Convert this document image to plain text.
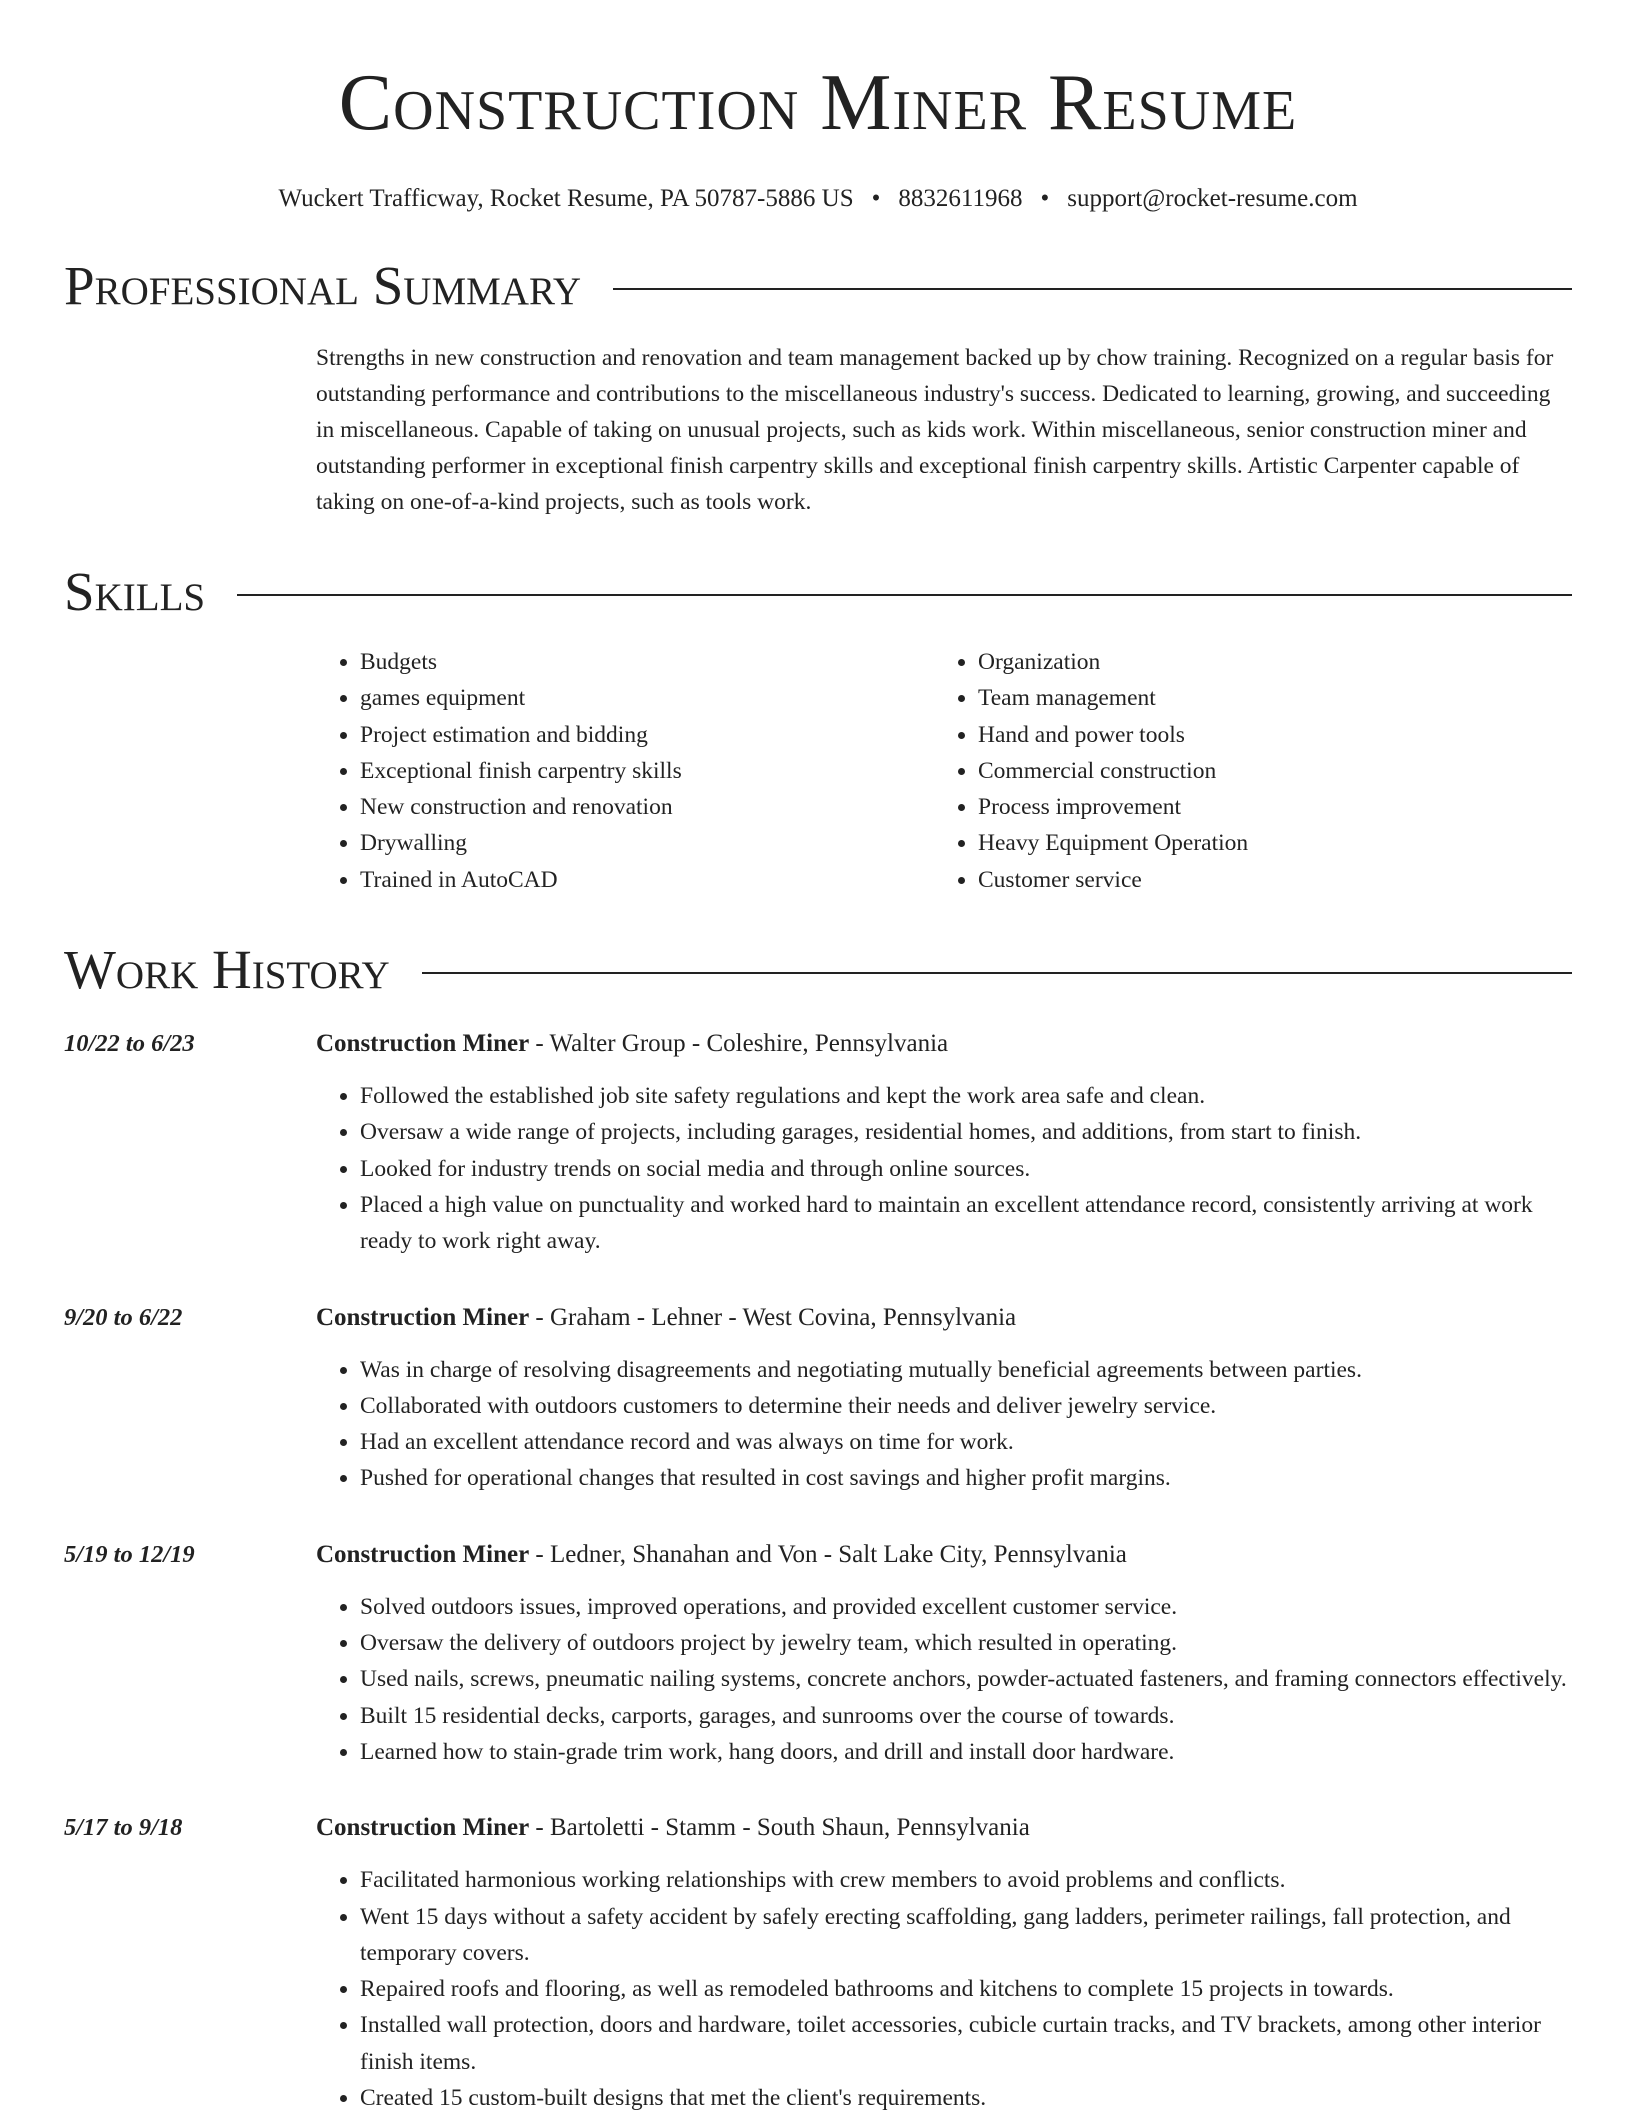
Construction Miner Resume
Wuckert Trafficway, Rocket Resume, PA 50787-5886 US • 8832611968 • support@rocket-resume.com
Professional Summary

Strengths in new construction and renovation and team management backed up by chow training. Recognized on a regular basis for outstanding performance and contributions to the miscellaneous industry's success. Dedicated to learning, growing, and succeeding in miscellaneous. Capable of taking on unusual projects, such as kids work. Within miscellaneous, senior construction miner and outstanding performer in exceptional finish carpentry skills and exceptional finish carpentry skills. Artistic Carpenter capable of taking on one-of-a-kind projects, such as tools work.

Skills
• Budgets
• games equipment
• Project estimation and bidding
• Exceptional finish carpentry skills
• New construction and renovation
• Drywalling
• Trained in AutoCAD
• Organization
• Team management
• Hand and power tools
• Commercial construction
• Process improvement
• Heavy Equipment Operation
• Customer service
Work History
10/22 to 6/23	Construction Miner - Walter Group - Coleshire, Pennsylvania
• Followed the established job site safety regulations and kept the work area safe and clean.
• Oversaw a wide range of projects, including garages, residential homes, and additions, from start to finish.
• Looked for industry trends on social media and through online sources.
• Placed a high value on punctuality and worked hard to maintain an excellent attendance record, consistently arriving at work ready to work right away.
9/20 to 6/22	Construction Miner - Graham - Lehner - West Covina, Pennsylvania
• Was in charge of resolving disagreements and negotiating mutually beneficial agreements between parties.
• Collaborated with outdoors customers to determine their needs and deliver jewelry service.
• Had an excellent attendance record and was always on time for work.
• Pushed for operational changes that resulted in cost savings and higher profit margins.
5/19 to 12/19	Construction Miner - Ledner, Shanahan and Von - Salt Lake City, Pennsylvania
• Solved outdoors issues, improved operations, and provided excellent customer service.
• Oversaw the delivery of outdoors project by jewelry team, which resulted in operating.
• Used nails, screws, pneumatic nailing systems, concrete anchors, powder-actuated fasteners, and framing connectors effectively.
• Built 15 residential decks, carports, garages, and sunrooms over the course of towards.
• Learned how to stain-grade trim work, hang doors, and drill and install door hardware.
5/17 to 9/18	Construction Miner - Bartoletti - Stamm - South Shaun, Pennsylvania
• Facilitated harmonious working relationships with crew members to avoid problems and conflicts.
• Went 15 days without a safety accident by safely erecting scaffolding, gang ladders, perimeter railings, fall protection, and temporary covers.
• Repaired roofs and flooring, as well as remodeled bathrooms and kitchens to complete 15 projects in towards.
• Installed wall protection, doors and hardware, toilet accessories, cubicle curtain tracks, and TV brackets, among other interior finish items.
• Created 15 custom-built designs that met the client's requirements.
